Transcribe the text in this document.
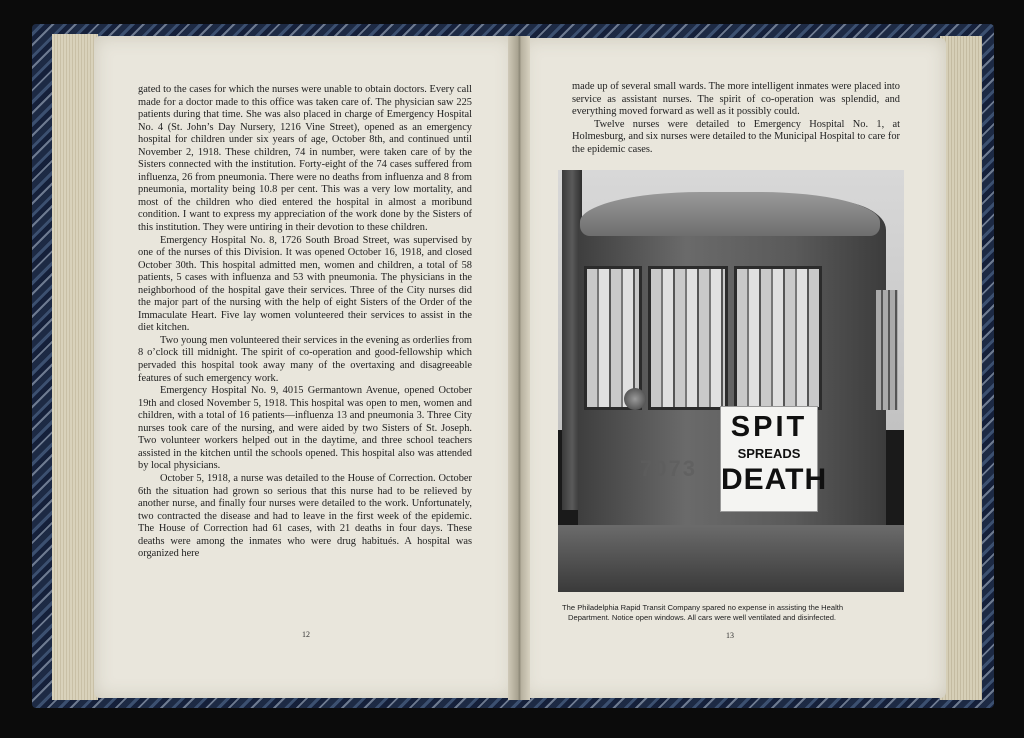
gated to the cases for which the nurses were unable to obtain doctors. Every call made for a doctor made to this office was taken care of. The physician saw 225 patients during that time. She was also placed in charge of Emergency Hospital No. 4 (St. John’s Day Nursery, 1216 Vine Street), opened as an emergency hospital for children under six years of age, October 8th, and continued until November 2, 1918. These children, 74 in number, were taken care of by the Sisters connected with the institution. Forty-eight of the 74 cases suffered from influenza, 26 from pneumonia. There were no deaths from influenza and 8 from pneumonia, mortality being 10.8 per cent. This was a very low mortality, and most of the children who died entered the hospital in almost a moribund condition. I want to express my appreciation of the work done by the Sisters of this institution. They were untiring in their devotion to these children.

Emergency Hospital No. 8, 1726 South Broad Street, was supervised by one of the nurses of this Division. It was opened October 16, 1918, and closed October 30th. This hospital admitted men, women and children, a total of 58 patients, 5 cases with influenza and 53 with pneumonia. The physicians in the neighborhood of the hospital gave their services. Three of the City nurses did the major part of the nursing with the help of eight Sisters of the Order of the Immaculate Heart. Five lay women volunteered their services to assist in the diet kitchen.

Two young men volunteered their services in the evening as orderlies from 8 o’clock till midnight. The spirit of co-operation and good-fellowship which pervaded this hospital took away many of the overtaxing and disagreeable features of such emergency work.

Emergency Hospital No. 9, 4015 Germantown Avenue, opened October 19th and closed November 5, 1918. This hospital was open to men, women and children, with a total of 16 patients—influenza 13 and pneumonia 3. Three City nurses took care of the nursing, and were aided by two Sisters of St. Joseph. Two volunteer workers helped out in the daytime, and three school teachers assisted in the kitchen until the schools opened. This hospital also was attended by local physicians.

October 5, 1918, a nurse was detailed to the House of Correction. October 6th the situation had grown so serious that this nurse had to be relieved by another nurse, and finally four nurses were detailed to the work. Unfortunately, two contracted the disease and had to leave in the first week of the epidemic. The House of Correction had 61 cases, with 21 deaths in four days. These deaths were among the inmates who were drug habitués. A hospital was organized here

12

made up of several small wards. The more intelligent inmates were placed into service as assistant nurses. The spirit of co-operation was splendid, and everything moved forward as well as it possibly could.

Twelve nurses were detailed to Emergency Hospital No. 1, at Holmesburg, and six nurses were detailed to the Municipal Hospital to care for the epidemic cases.

7073
SPIT
SPREADS
DEATH
The Philadelphia Rapid Transit Company spared no expense in assisting the Health
Department. Notice open windows. All cars were well ventilated and disinfected.
13
